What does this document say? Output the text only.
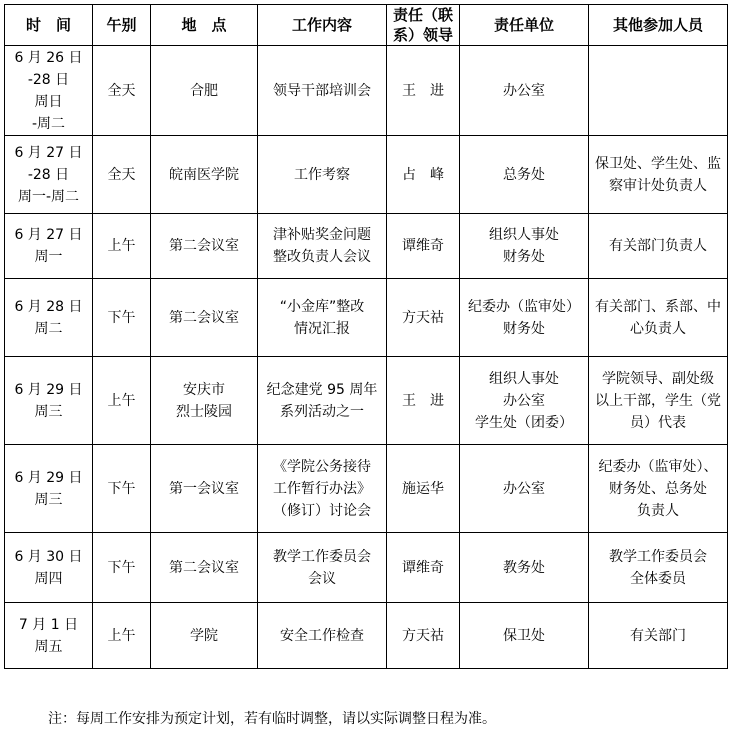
时　间	午别	地　点	工作内容	责任（联
系）领导	责任单位	其他参加人员

6 月 26 日
-28 日
周日
-周二	全天	合肥	领导干部培训会	王　进	办公室	

6 月 27 日
-28 日
周一-周二	全天	皖南医学院	工作考察	占　峰	总务处	保卫处、学生处、监
察审计处负责人

6 月 27 日
周一	上午	第二会议室	津补贴奖金问题
整改负责人会议	谭维奇	组织人事处
财务处	有关部门负责人

6 月 28 日
周二	下午	第二会议室	“小金库”整改
情况汇报	方天祜	纪委办（监审处）
财务处	有关部门、系部、中
心负责人

6 月 29 日
周三	上午	安庆市
烈士陵园	纪念建党 95 周年
系列活动之一	王　进	组织人事处
办公室
学生处（团委）	学院领导、副处级
以上干部，学生（党
员）代表

6 月 29 日
周三	下午	第一会议室	《学院公务接待
工作暂行办法》
（修订）讨论会	施运华	办公室	纪委办（监审处）、
财务处、总务处
负责人

6 月 30 日
周四	下午	第二会议室	教学工作委员会
会议	谭维奇	教务处	教学工作委员会
全体委员

7 月 1 日
周五	上午	学院	安全工作检查	方天祜	保卫处	有关部门
注：每周工作安排为预定计划，若有临时调整，请以实际调整日程为准。
